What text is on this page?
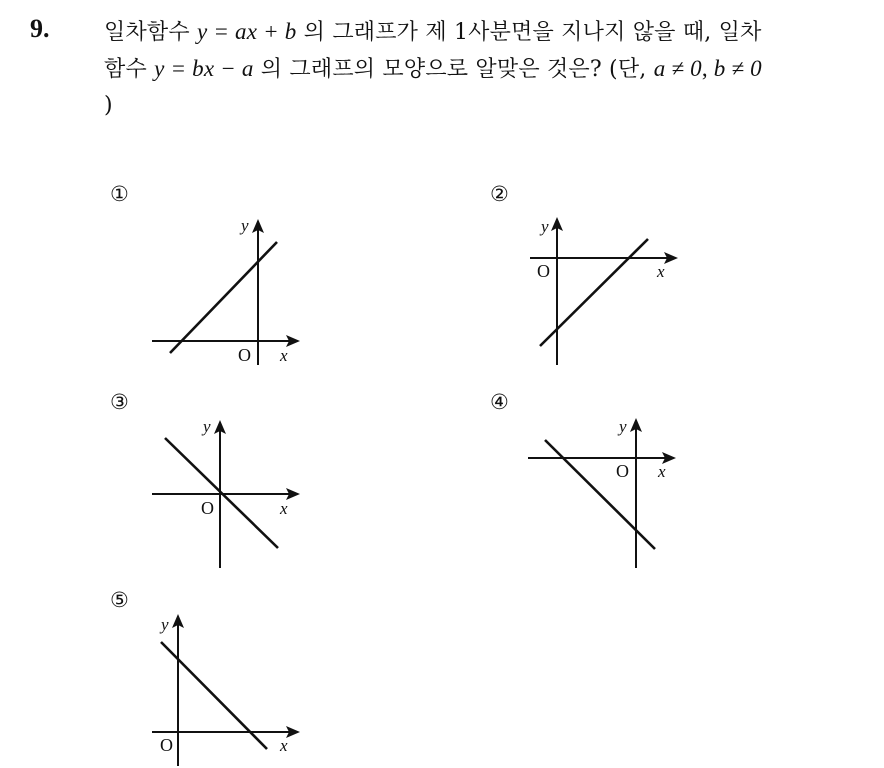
9. 일차함수 y = ax + b 의 그래프가 제 1사분면을 지나지 않을 때, 일차
함수 y = bx − a 의 그래프의 모양으로 알맞은 것은? (단, a ≠ 0, b ≠ 0
)
①
y
x
O
②
y
x
O
③
y
x
O
④
y
x
O
⑤
y
x
O
